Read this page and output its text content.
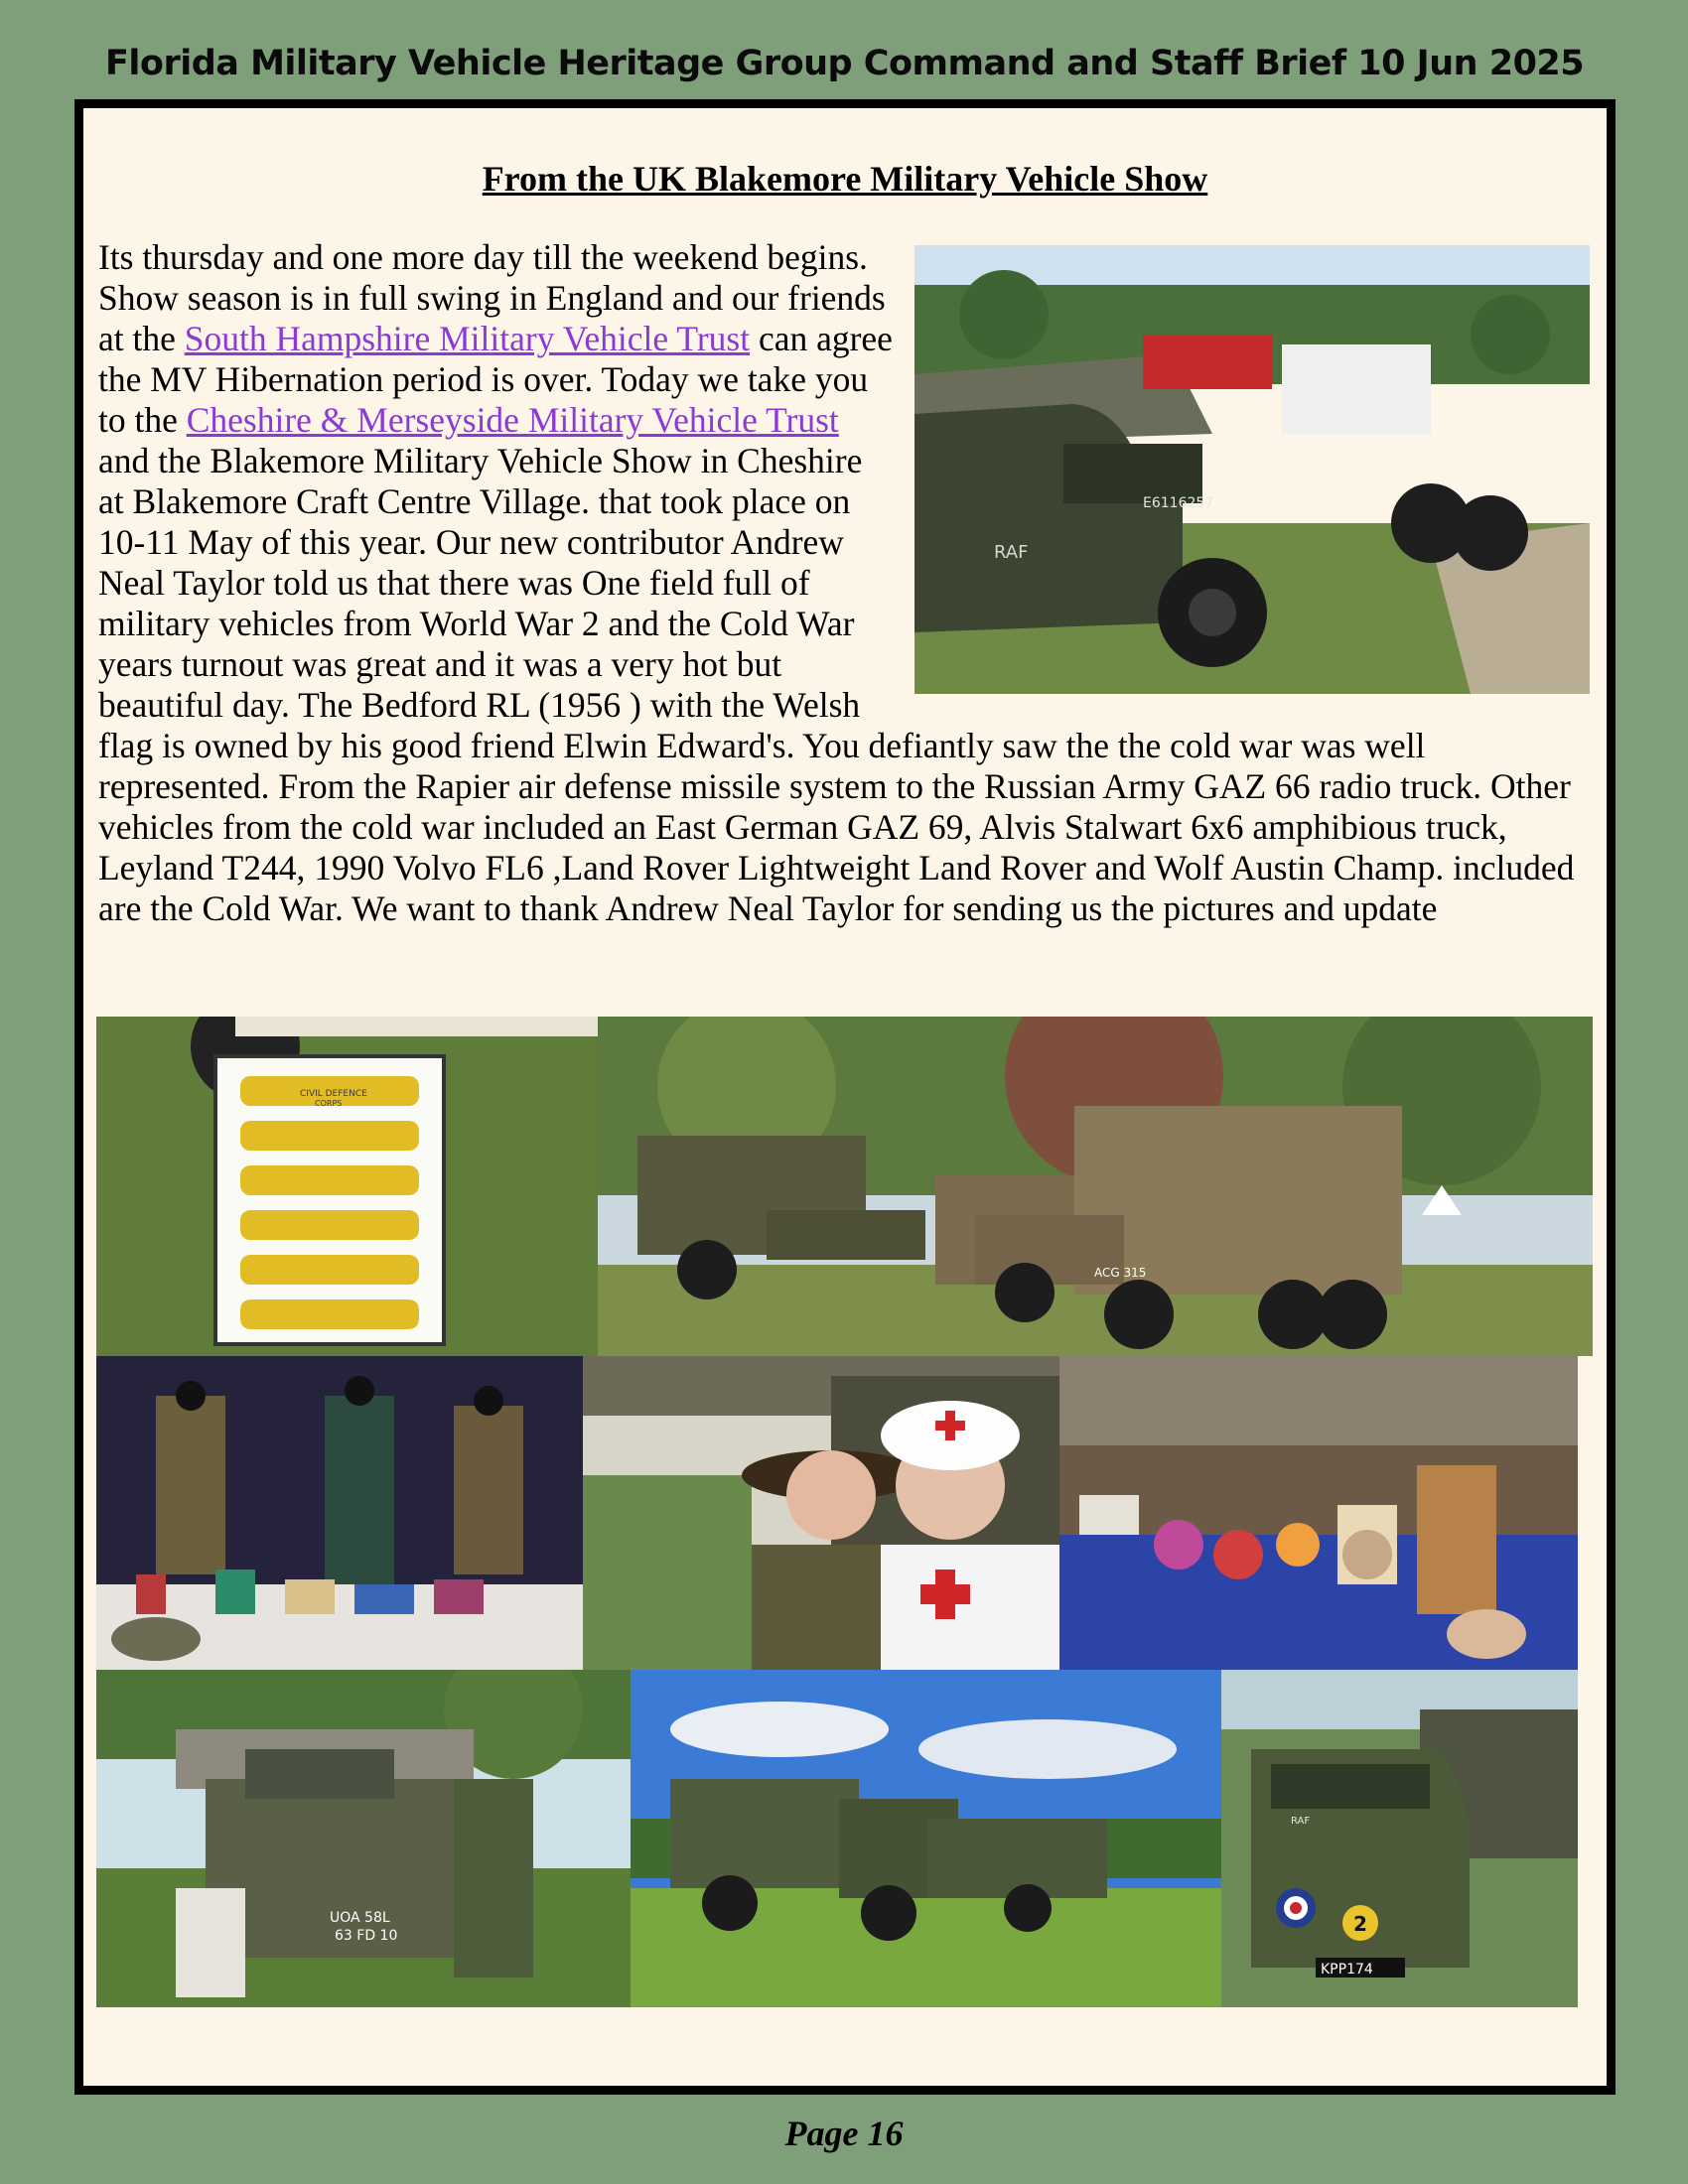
Florida Military Vehicle Heritage Group Command and Staff Brief 10 Jun 2025
From the UK Blakemore Military Vehicle Show
RAF
E6116257
Its thursday and one more day till the weekend begins. Show season is in full swing in England and our friends at the South Hampshire Military Vehicle Trust can agree the MV Hibernation period is over. Today we take you to the Cheshire & Merseyside Military Vehicle Trust and the Blakemore Military Vehicle Show in Cheshire at Blakemore Craft Centre Village. that took place on 10-11 May of this year. Our new contributor Andrew Neal Taylor told us that there was One field full of military vehicles from World War 2 and the Cold War years turnout was great and it was a very hot but beautiful day. The Bedford RL (1956 ) with the Welsh flag is owned by his good friend Elwin Edward's. You defiantly saw the the cold war was well represented. From the Rapier air defense missile system to the Russian Army GAZ 66 radio truck. Other vehicles from the cold war included an East German GAZ 69, Alvis Stalwart 6x6 amphibious truck, Leyland T244, 1990 Volvo FL6 ,Land Rover Lightweight Land Rover and Wolf Austin Champ. included are the Cold War. We want to thank Andrew Neal Taylor for sending us the pictures and update
CIVIL DEFENCE
CORPS
ACG 315
UOA 58L
63 FD 10	2
KPP174
RAF
Page 16
